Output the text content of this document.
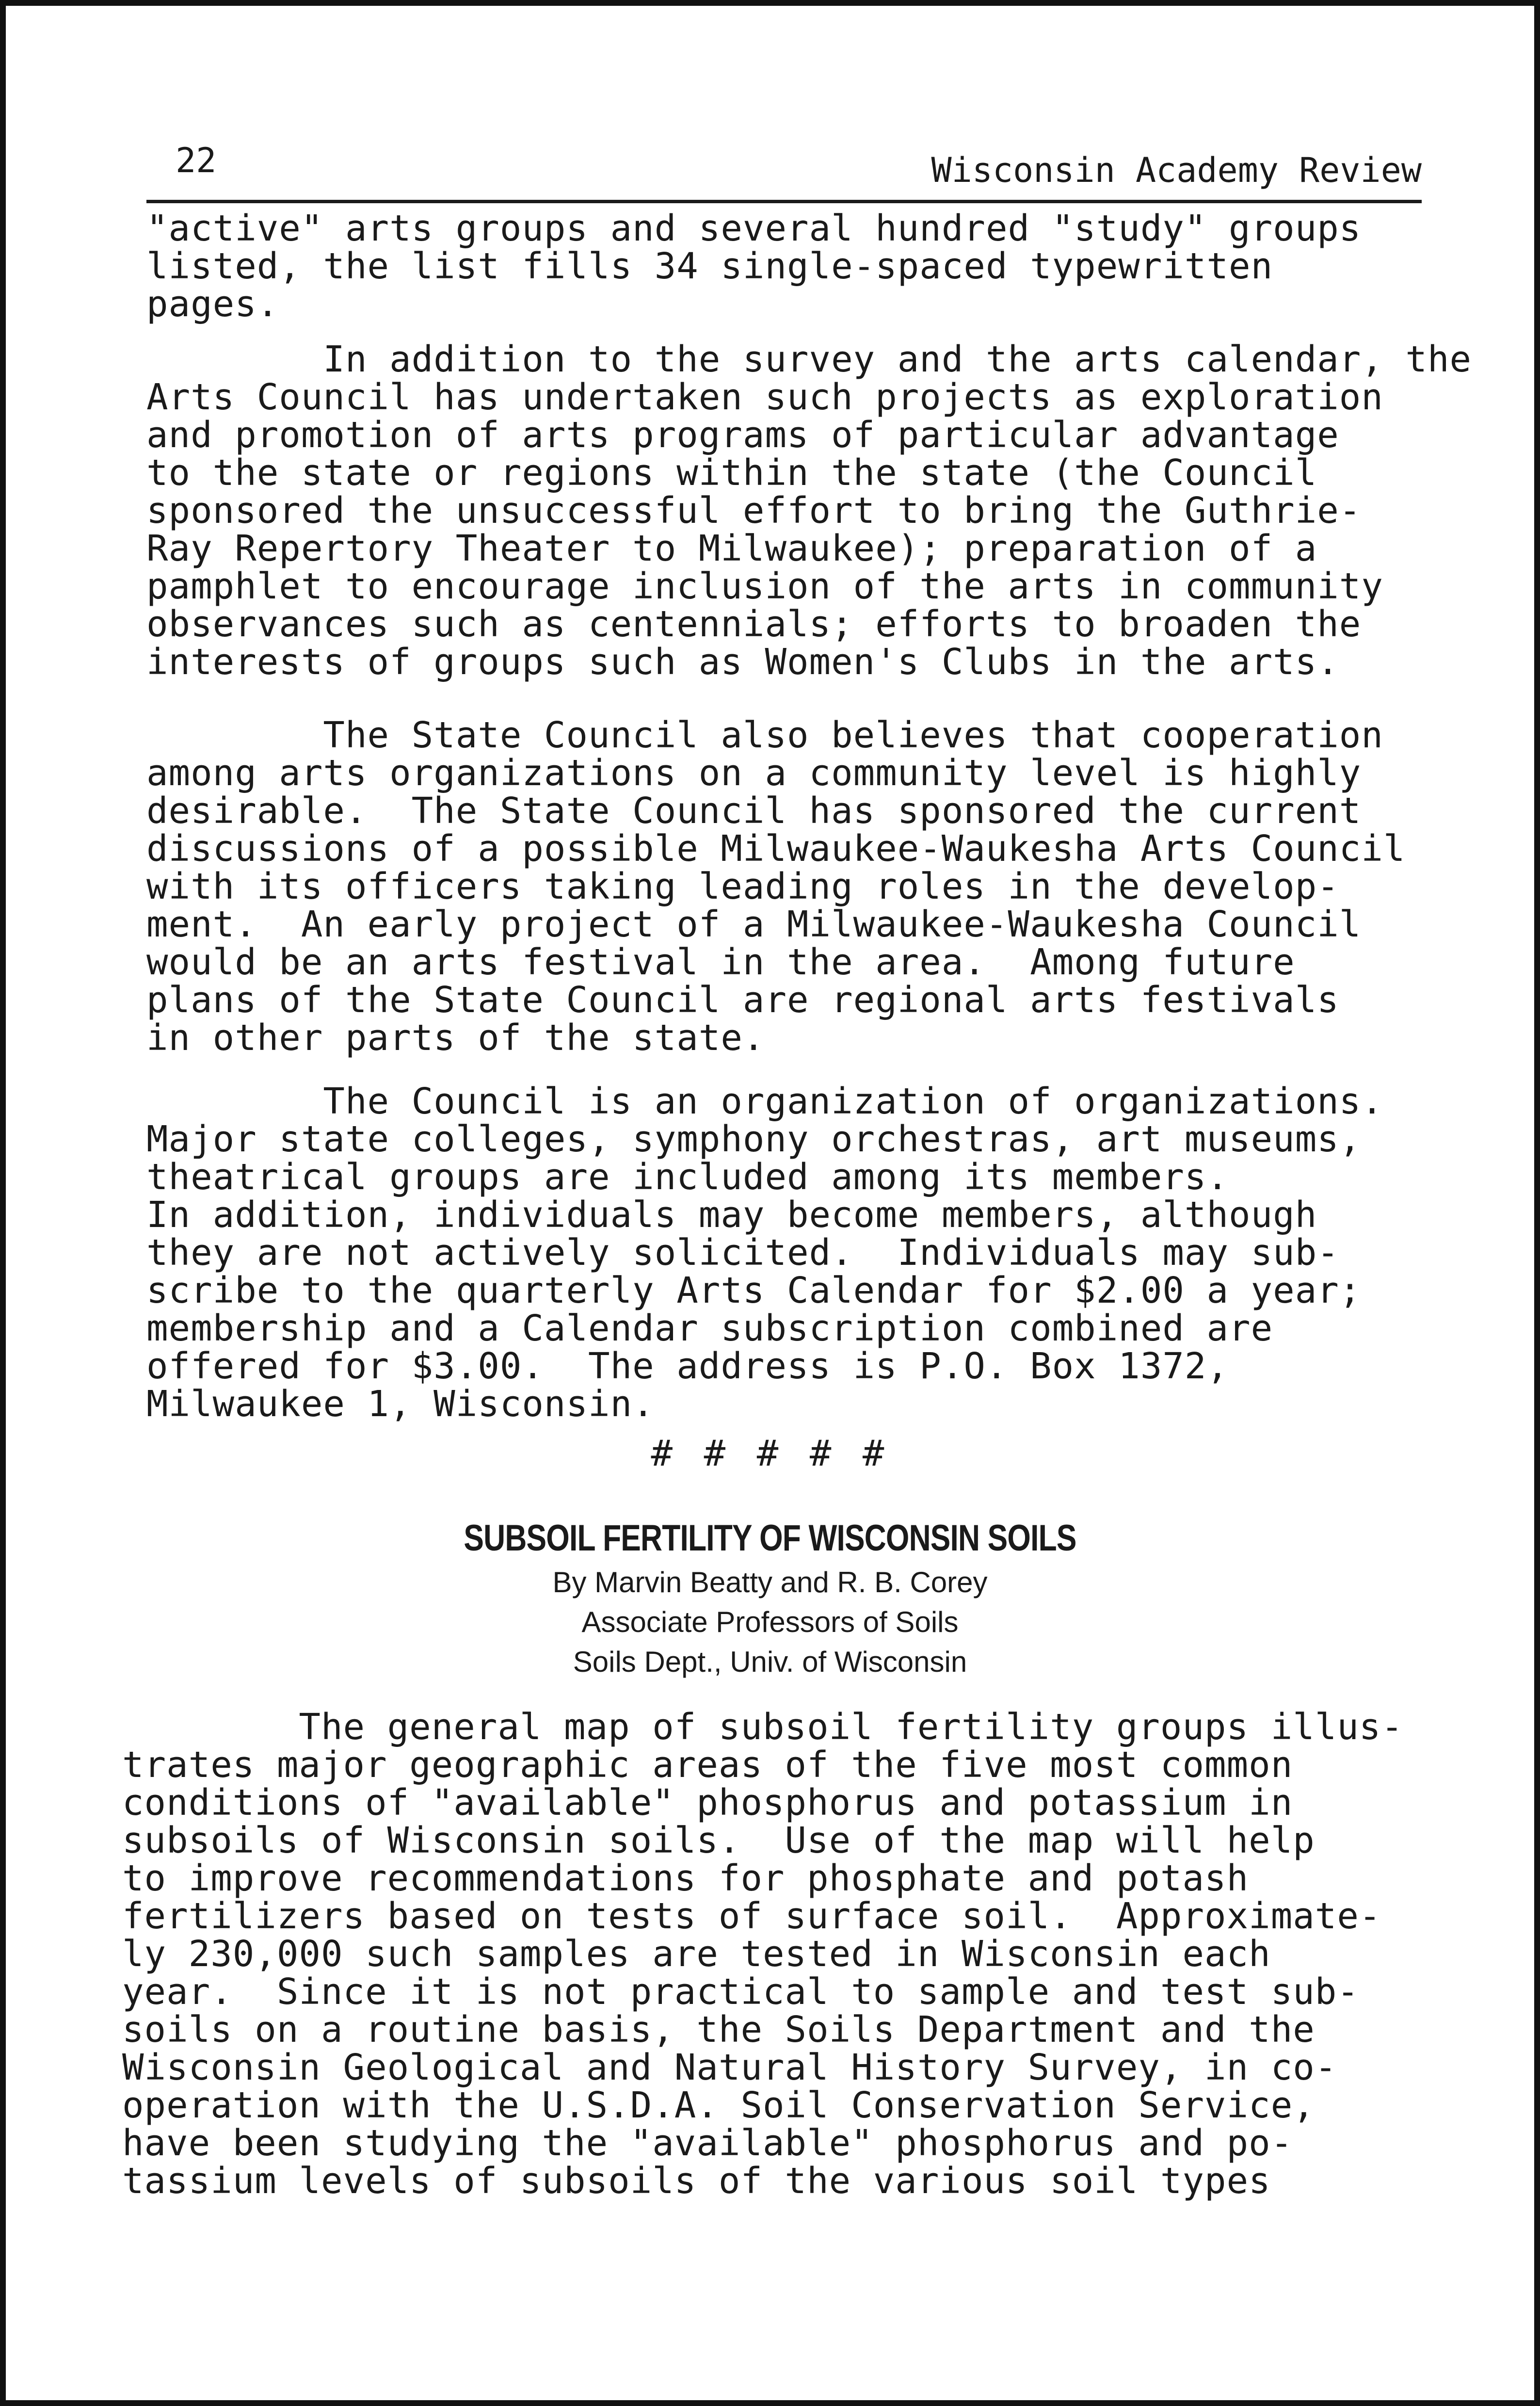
22	Wisconsin Academy Review
"active" arts groups and several hundred "study" groups
listed, the list fills 34 single-spaced typewritten
pages.
In addition to the survey and the arts calendar, the
Arts Council has undertaken such projects as exploration
and promotion of arts programs of particular advantage
to the state or regions within the state (the Council
sponsored the unsuccessful effort to bring the Guthrie-
Ray Repertory Theater to Milwaukee); preparation of a
pamphlet to encourage inclusion of the arts in community
observances such as centennials; efforts to broaden the
interests of groups such as Women's Clubs in the arts.
The State Council also believes that cooperation
among arts organizations on a community level is highly
desirable.  The State Council has sponsored the current
discussions of a possible Milwaukee-Waukesha Arts Council
with its officers taking leading roles in the develop-
ment.  An early project of a Milwaukee-Waukesha Council
would be an arts festival in the area.  Among future
plans of the State Council are regional arts festivals
in other parts of the state.
The Council is an organization of organizations.
Major state colleges, symphony orchestras, art museums,
theatrical groups are included among its members.
In addition, individuals may become members, although
they are not actively solicited.  Individuals may sub-
scribe to the quarterly Arts Calendar for $2.00 a year;
membership and a Calendar subscription combined are
offered for $3.00.  The address is P.O. Box 1372,
Milwaukee 1, Wisconsin.
# # # # #
SUBSOIL FERTILITY OF WISCONSIN SOILS
By Marvin Beatty and R. B. Corey
Associate Professors of Soils
Soils Dept., Univ. of Wisconsin
The general map of subsoil fertility groups illus-
trates major geographic areas of the five most common
conditions of "available" phosphorus and potassium in
subsoils of Wisconsin soils.  Use of the map will help
to improve recommendations for phosphate and potash
fertilizers based on tests of surface soil.  Approximate-
ly 230,000 such samples are tested in Wisconsin each
year.  Since it is not practical to sample and test sub-
soils on a routine basis, the Soils Department and the
Wisconsin Geological and Natural History Survey, in co-
operation with the U.S.D.A. Soil Conservation Service,
have been studying the "available" phosphorus and po-
tassium levels of subsoils of the various soil types
